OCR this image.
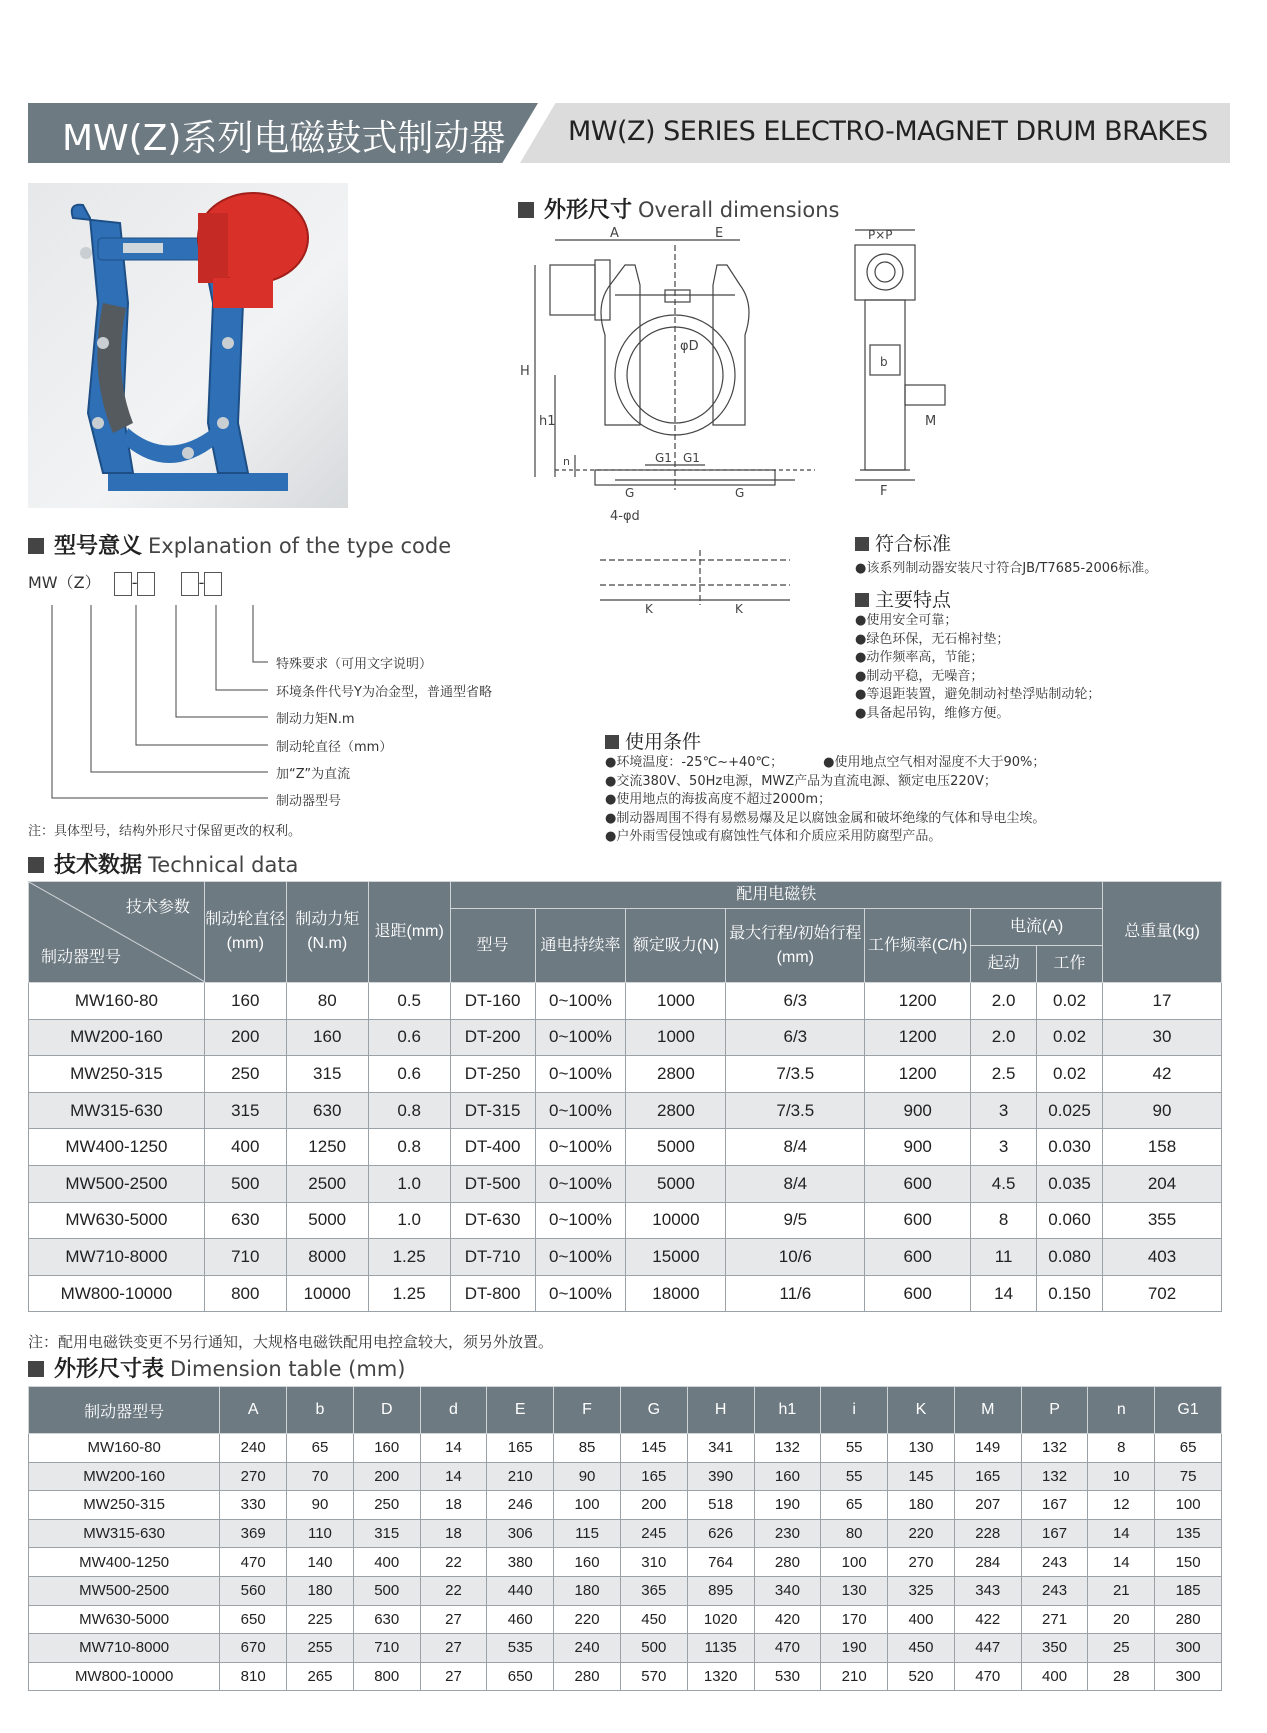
MW(Z)系列电磁鼓式制动器 MW(Z) SERIES ELECTRO-MAGNET DRUM BRAKES
外形尺寸 Overall dimensions
A	E
H
h1
n
φD
G1 G1
G	G
4-φd
P×P
b
M
F
K	K
型号意义 Explanation of the type code
MW（Z） -	-
特殊要求（可用文字说明）
环境条件代号Y为冶金型，普通型省略
制动力矩N.m
制动轮直径（mm）
加“Z”为直流
制动器型号
注：具体型号，结构外形尺寸保留更改的权利。
符合标准
●该系列制动器安装尺寸符合JB/T7685-2006标准。
主要特点
●使用安全可靠；
●绿色环保，无石棉衬垫；
●动作频率高，节能；
●制动平稳，无噪音；
●等退距装置，避免制动衬垫浮贴制动轮；
●具备起吊钩，维修方便。
使用条件
●环境温度：-25℃~+40℃；	●使用地点空气相对湿度不大于90%；
●交流380V、50Hz电源，MWZ产品为直流电源、额定电压220V；
●使用地点的海拔高度不超过2000m；
●制动器周围不得有易燃易爆及足以腐蚀金属和破坏绝缘的气体和导电尘埃。
●户外雨雪侵蚀或有腐蚀性气体和介质应采用防腐型产品。
技术数据 Technical data
技术参数
制动器型号	制动轮直径(mm)	制动力矩(N.m)	退距(mm)	配用电磁铁							总重量(kg)
				型号	通电持续率	额定吸力(N)	最大行程/初始行程(mm)	工作频率(C/h)	电流(A)		
									起动	工作	
MW160-80	160	80	0.5	DT-160	0~100%	1000	6/3	1200	2.0	0.02	17
MW200-160	200	160	0.6	DT-200	0~100%	1000	6/3	1200	2.0	0.02	30
MW250-315	250	315	0.6	DT-250	0~100%	2800	7/3.5	1200	2.5	0.02	42
MW315-630	315	630	0.8	DT-315	0~100%	2800	7/3.5	900	3	0.025	90
MW400-1250	400	1250	0.8	DT-400	0~100%	5000	8/4	900	3	0.030	158
MW500-2500	500	2500	1.0	DT-500	0~100%	5000	8/4	600	4.5	0.035	204
MW630-5000	630	5000	1.0	DT-630	0~100%	10000	9/5	600	8	0.060	355
MW710-8000	710	8000	1.25	DT-710	0~100%	15000	10/6	600	11	0.080	403
MW800-10000	800	10000	1.25	DT-800	0~100%	18000	11/6	600	14	0.150	702
注：配用电磁铁变更不另行通知，大规格电磁铁配用电控盒较大，须另外放置。
外形尺寸表 Dimension table (mm)
制动器型号	A	b	D	d	E	F	G	H	h1	i	K	M	P	n	G1
MW160-80	240	65	160	14	165	85	145	341	132	55	130	149	132	8	65
MW200-160	270	70	200	14	210	90	165	390	160	55	145	165	132	10	75
MW250-315	330	90	250	18	246	100	200	518	190	65	180	207	167	12	100
MW315-630	369	110	315	18	306	115	245	626	230	80	220	228	167	14	135
MW400-1250	470	140	400	22	380	160	310	764	280	100	270	284	243	14	150
MW500-2500	560	180	500	22	440	180	365	895	340	130	325	343	243	21	185
MW630-5000	650	225	630	27	460	220	450	1020	420	170	400	422	271	20	280
MW710-8000	670	255	710	27	535	240	500	1135	470	190	450	447	350	25	300
MW800-10000	810	265	800	27	650	280	570	1320	530	210	520	470	400	28	300
